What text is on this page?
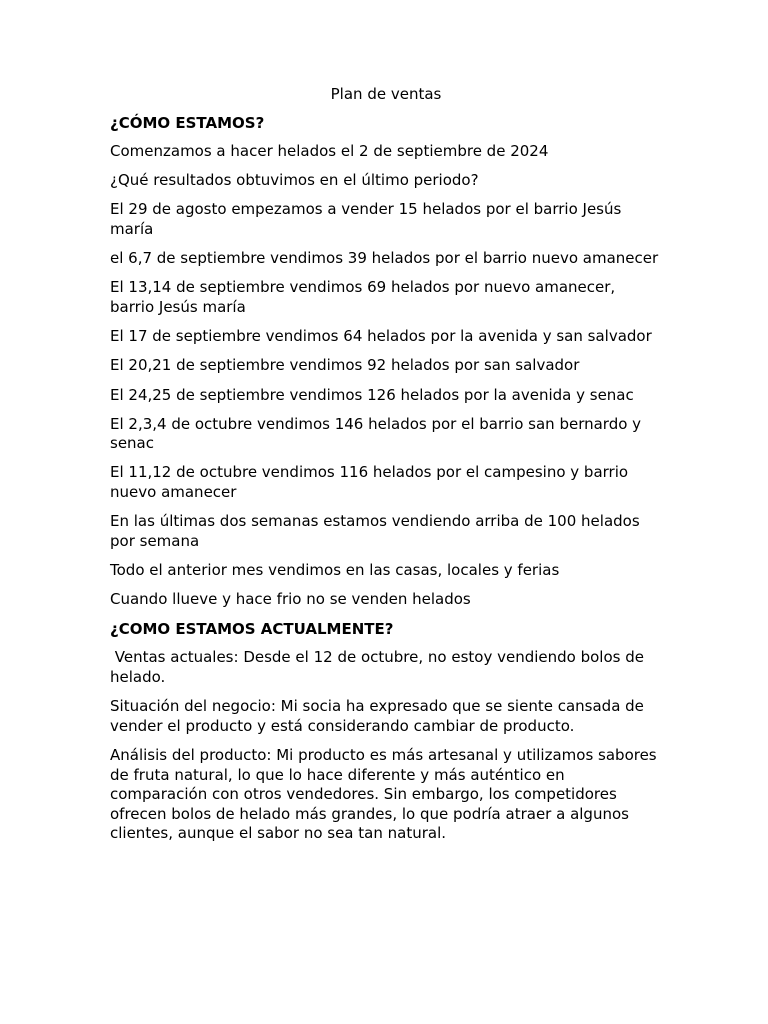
Plan de ventas
¿CÓMO ESTAMOS?
Comenzamos a hacer helados el 2 de septiembre de 2024
¿Qué resultados obtuvimos en el último periodo?
El 29 de agosto empezamos a vender 15 helados por el barrio Jesús maría
el 6,7 de septiembre vendimos 39 helados por el barrio nuevo amanecer
El 13,14 de septiembre vendimos 69 helados por nuevo amanecer, barrio Jesús maría
El 17 de septiembre vendimos 64 helados por la avenida y san salvador
El 20,21 de septiembre vendimos 92 helados por san salvador
El 24,25 de septiembre vendimos 126 helados por la avenida y senac
El 2,3,4 de octubre vendimos 146 helados por el barrio san bernardo y senac
El 11,12 de octubre vendimos 116 helados por el campesino y barrio nuevo amanecer
En las últimas dos semanas estamos vendiendo arriba de 100 helados por semana
Todo el anterior mes vendimos en las casas, locales y ferias
Cuando llueve y hace frio no se venden helados
¿COMO ESTAMOS ACTUALMENTE?
Ventas actuales: Desde el 12 de octubre, no estoy vendiendo bolos de helado.
Situación del negocio: Mi socia ha expresado que se siente cansada de vender el producto y está considerando cambiar de producto.
Análisis del producto: Mi producto es más artesanal y utilizamos sabores de fruta natural, lo que lo hace diferente y más auténtico en comparación con otros vendedores. Sin embargo, los competidores ofrecen bolos de helado más grandes, lo que podría atraer a algunos clientes, aunque el sabor no sea tan natural.
